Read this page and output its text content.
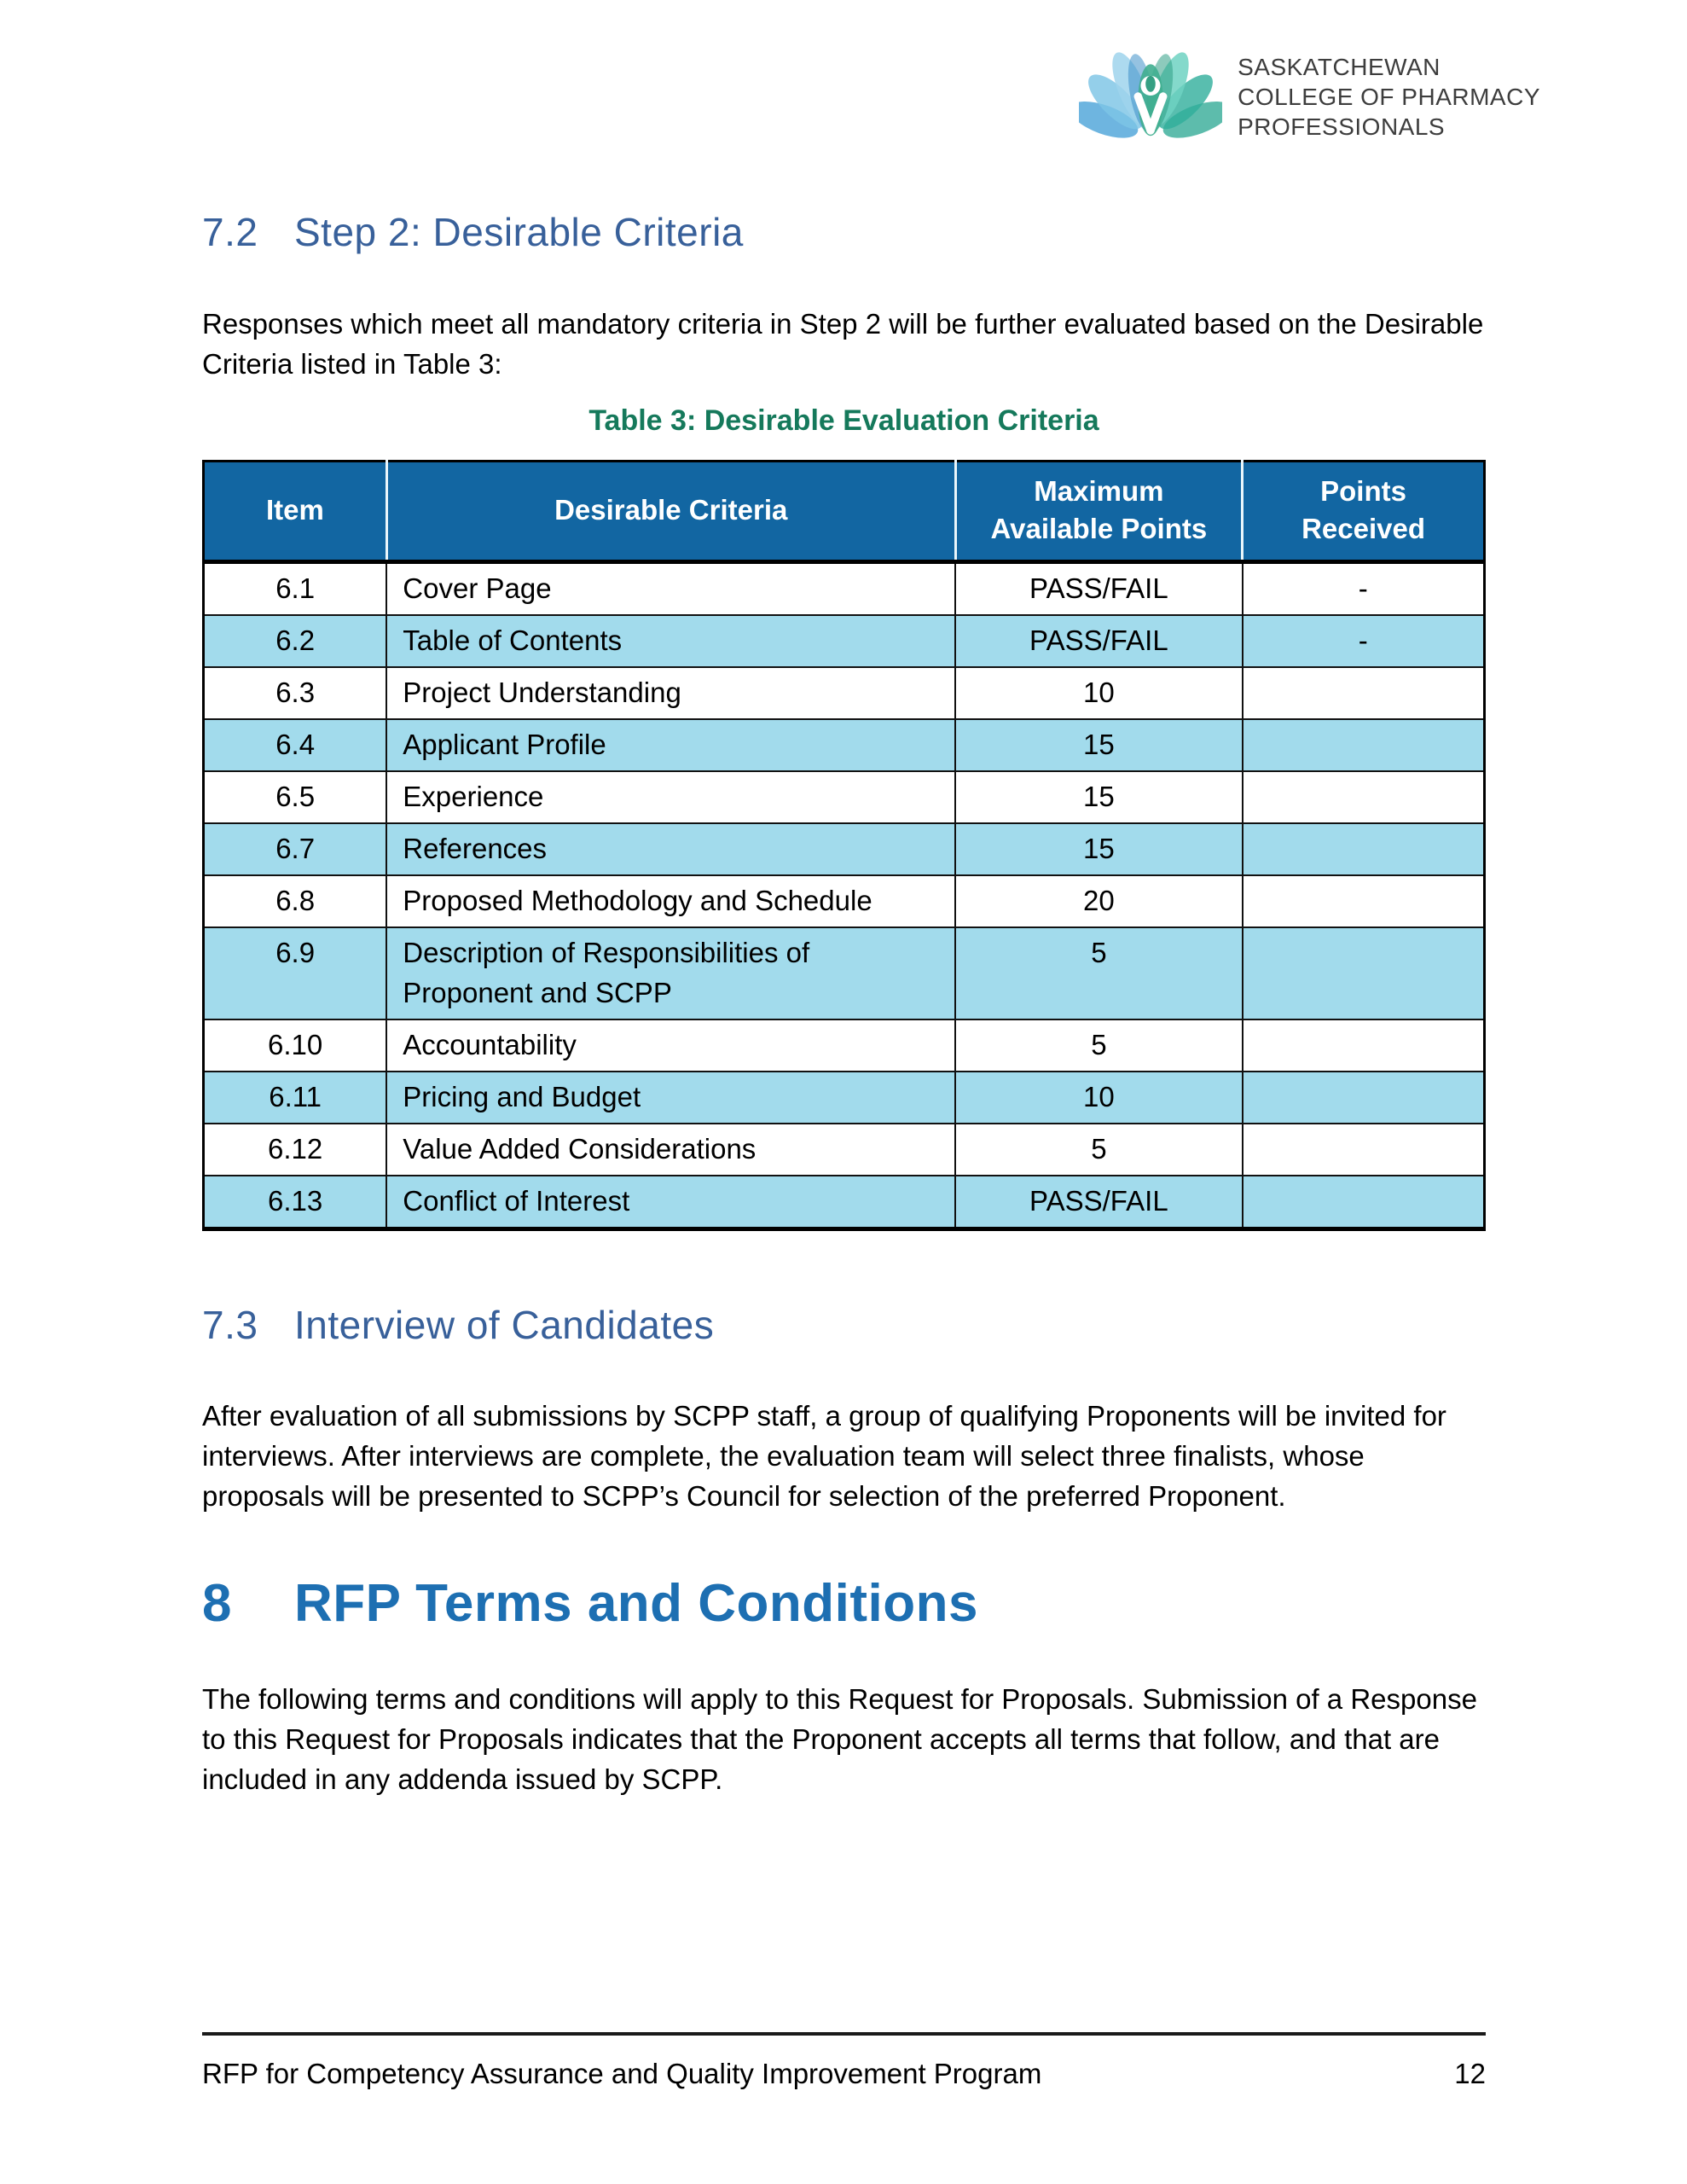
SASKATCHEWAN
COLLEGE OF PHARMACY
PROFESSIONALS
7.2 Step 2: Desirable Criteria

Responses which meet all mandatory criteria in Step 2 will be further evaluated based on the Desirable Criteria listed in Table 3:

Table 3: Desirable Evaluation Criteria
Item	Desirable Criteria	Maximum Available Points	Points Received
6.1	Cover Page	PASS/FAIL	-
6.2	Table of Contents	PASS/FAIL	-
6.3	Project Understanding	10	
6.4	Applicant Profile	15	
6.5	Experience	15	
6.7	References	15	
6.8	Proposed Methodology and Schedule	20	
6.9	Description of Responsibilities of Proponent and SCPP	5	
6.10	Accountability	5	
6.11	Pricing and Budget	10	
6.12	Value Added Considerations	5	
6.13	Conflict of Interest	PASS/FAIL	
7.3 Interview of Candidates

After evaluation of all submissions by SCPP staff, a group of qualifying Proponents will be invited for interviews. After interviews are complete, the evaluation team will select three finalists, whose proposals will be presented to SCPP’s Council for selection of the preferred Proponent.

8	RFP Terms and Conditions

The following terms and conditions will apply to this Request for Proposals. Submission of a Response to this Request for Proposals indicates that the Proponent accepts all terms that follow, and that are included in any addenda issued by SCPP.

RFP for Competency Assurance and Quality Improvement Program	12
